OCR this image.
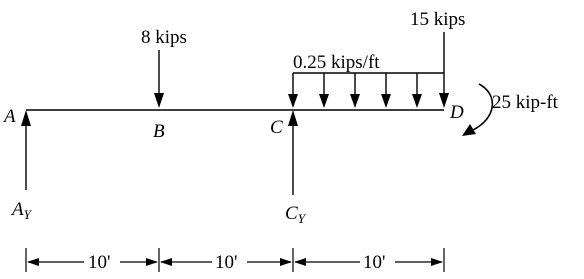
A
B	C
D
$A_Y$	$C_Y$
8 kips
0.25 kips/ft
15 kips
25 kip-ft
10'	10'	10'
